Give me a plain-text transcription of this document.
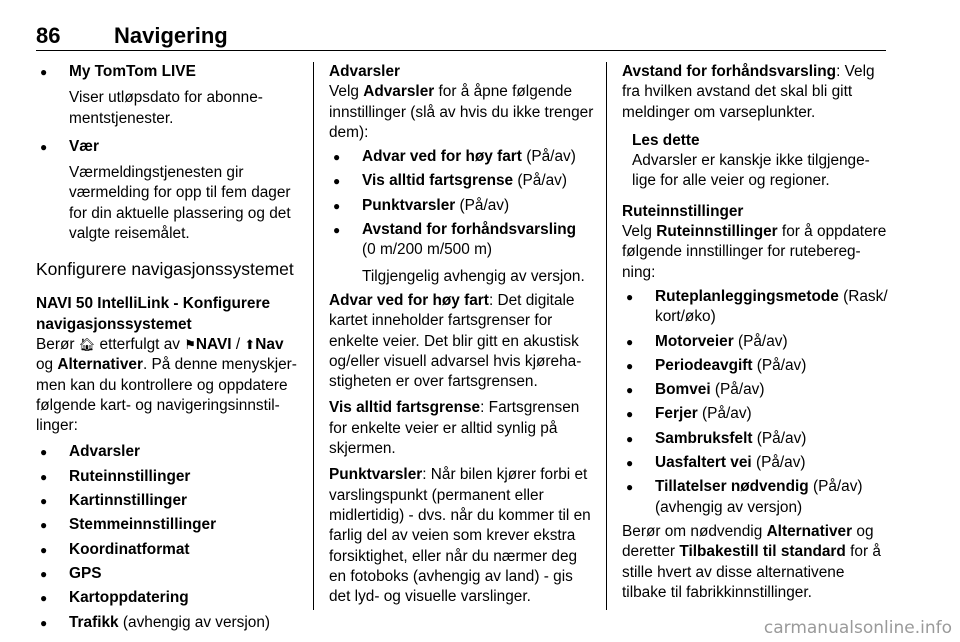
86 Navigering

● My TomTom LIVE

Viser utløpsdato for abonne-mentstjenester.

● Vær

Værmeldingstjenesten gir værmelding for opp til fem dager for din aktuelle plassering og det valgte reisemålet.

Konfigurere navigasjonssystemet

NAVI 50 IntelliLink - Konfigurere navigasjonssystemet

Berør 🏠︎ etterfulgt av ⚑NAVI / ⬆Nav og Alternativer. På denne menyskjer-men kan du kontrollere og oppdatere følgende kart- og navigeringsinnstil-linger:

● Advarsler

● Ruteinnstillinger

● Kartinnstillinger

● Stemmeinnstillinger

● Koordinatformat

● GPS

● Kartoppdatering

● Trafikk (avhengig av versjon)

Advarsler

Velg Advarsler for å åpne følgende innstillinger (slå av hvis du ikke trenger dem):

● Advar ved for høy fart (På/av)

● Vis alltid fartsgrense (På/av)

● Punktvarsler (På/av)

● Avstand for forhåndsvarsling

(0 m/200 m/500 m)

Tilgjengelig avhengig av versjon.

Advar ved for høy fart: Det digitale kartet inneholder fartsgrenser for enkelte veier. Det blir gitt en akustisk og/eller visuell advarsel hvis kjøreha-stigheten er over fartsgrensen.

Vis alltid fartsgrense: Fartsgrensen for enkelte veier er alltid synlig på skjermen.

Punktvarsler: Når bilen kjører forbi et varslingspunkt (permanent eller midlertidig) - dvs. når du kommer til en farlig del av veien som krever ekstra forsiktighet, eller når du nærmer deg en fotoboks (avhengig av land) - gis det lyd- og visuelle varslinger.

Avstand for forhåndsvarsling: Velg fra hvilken avstand det skal bli gitt meldinger om varseplunkter.

Les dette

Advarsler er kanskje ikke tilgjenge-lige for alle veier og regioner.

Ruteinnstillinger

Velg Ruteinnstillinger for å oppdatere følgende innstillinger for rutebereg-ning:

● Ruteplanleggingsmetode (Rask/ kort/øko)

● Motorveier (På/av)

● Periodeavgift (På/av)

● Bomvei (På/av)

● Ferjer (På/av)

● Sambruksfelt (På/av)

● Uasfaltert vei (På/av)

● Tillatelser nødvendig (På/av) (avhengig av versjon)

Berør om nødvendig Alternativer og deretter Tilbakestill til standard for å stille hvert av disse alternativene tilbake til fabrikkinnstillinger.

carmanualsonline.info
